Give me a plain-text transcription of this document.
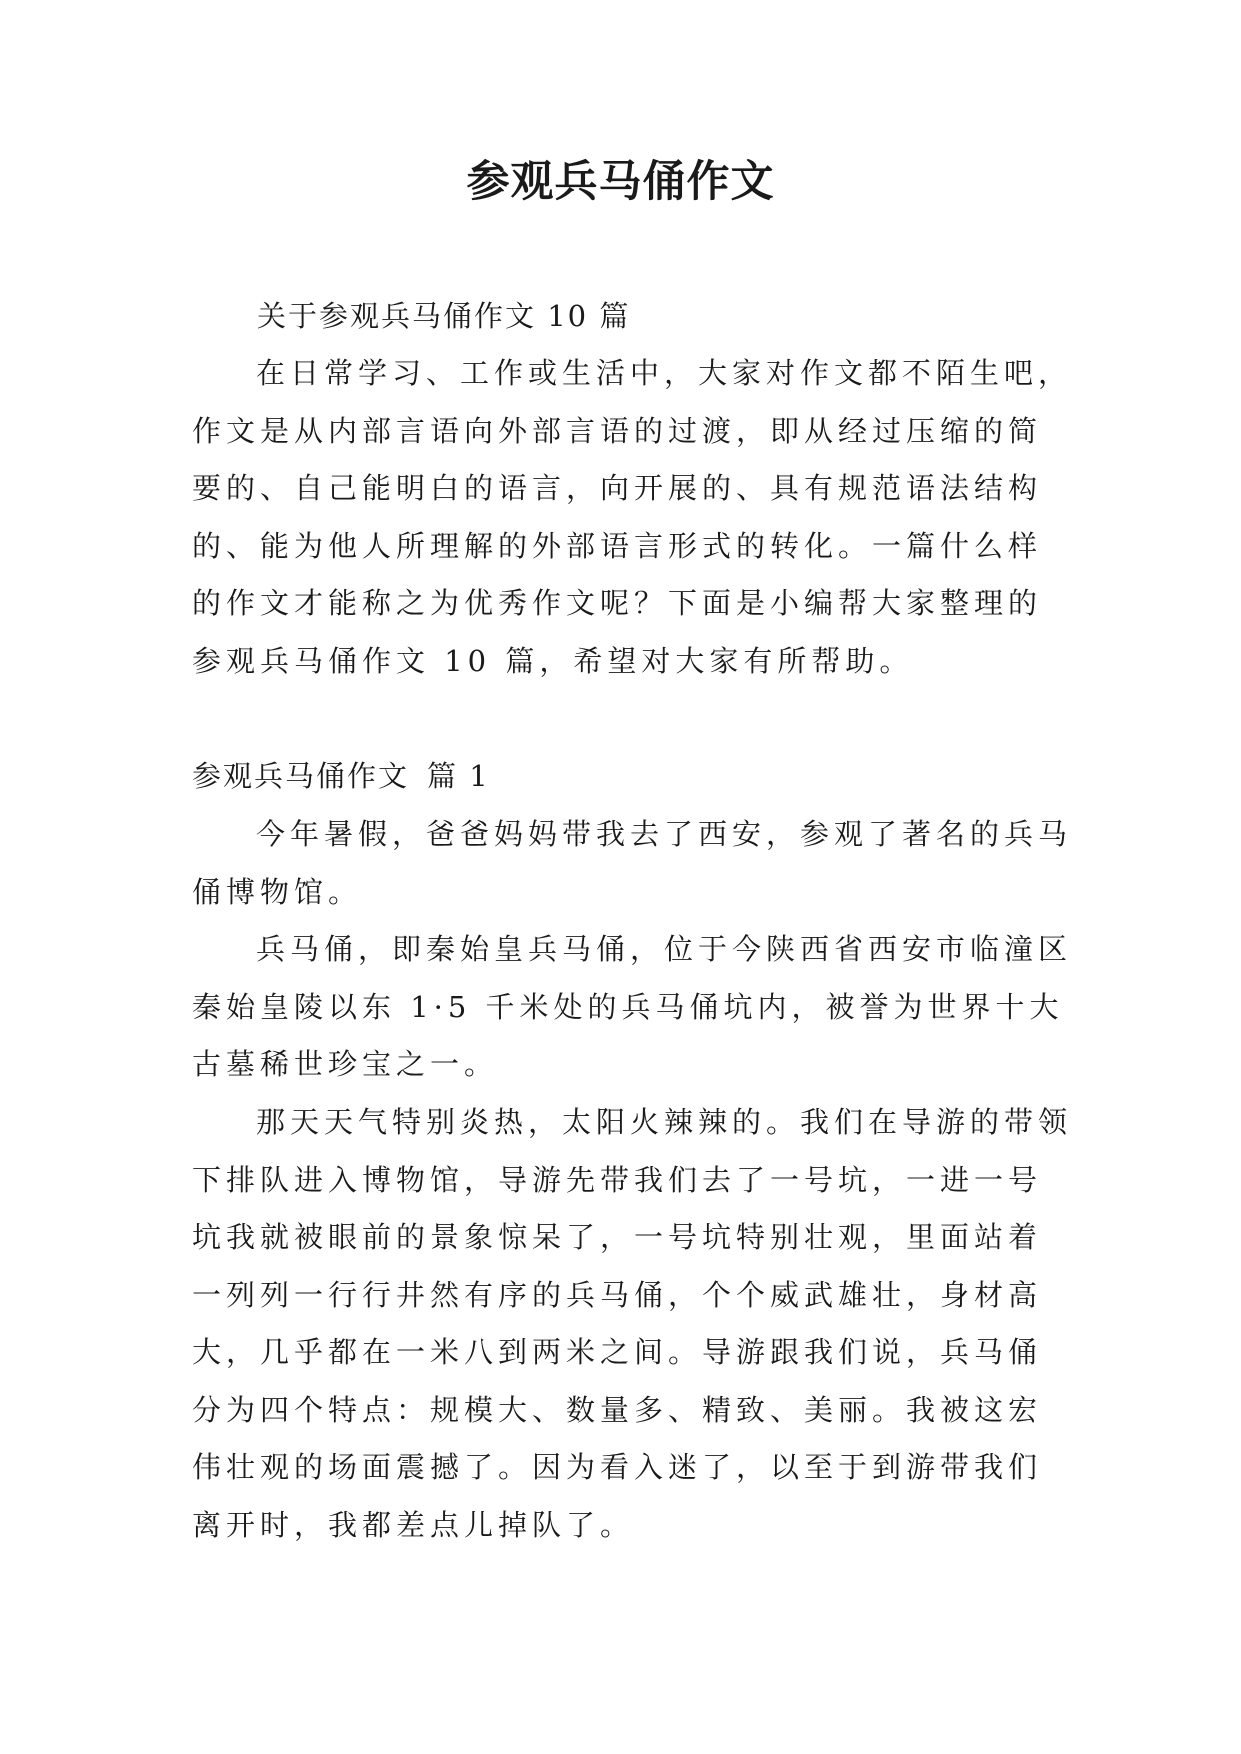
参观兵马俑作文
关于参观兵马俑作文 10 篇

在日常学习、工作或生活中，大家对作文都不陌生吧，作文是从内部言语向外部言语的过渡，即从经过压缩的简要的、自己能明白的语言，向开展的、具有规范语法结构的、能为他人所理解的外部语言形式的转化。一篇什么样的作文才能称之为优秀作文呢？下面是小编帮大家整理的参观兵马俑作文 10 篇，希望对大家有所帮助。

参观兵马俑作文 篇 1

今年暑假，爸爸妈妈带我去了西安，参观了著名的兵马俑博物馆。

兵马俑，即秦始皇兵马俑，位于今陕西省西安市临潼区秦始皇陵以东 1·5 千米处的兵马俑坑内，被誉为世界十大古墓稀世珍宝之一。

那天天气特别炎热，太阳火辣辣的。我们在导游的带领下排队进入博物馆，导游先带我们去了一号坑，一进一号坑我就被眼前的景象惊呆了，一号坑特别壮观，里面站着一列列一行行井然有序的兵马俑，个个威武雄壮，身材高大，几乎都在一米八到两米之间。导游跟我们说，兵马俑分为四个特点：规模大、数量多、精致、美丽。我被这宏伟壮观的场面震撼了。因为看入迷了，以至于到游带我们离开时，我都差点儿掉队了。
